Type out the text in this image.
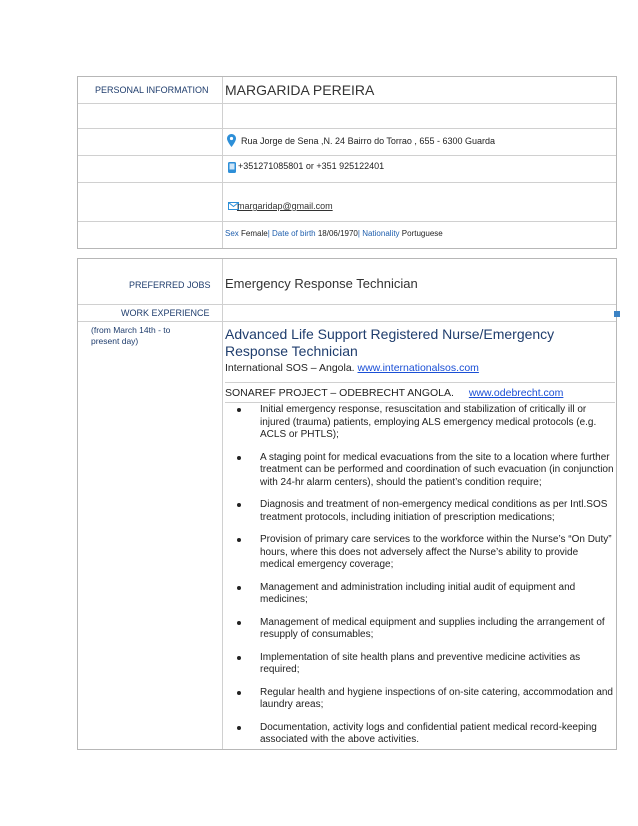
PERSONAL INFORMATION MARGARIDA PEREIRA
Rua Jorge de Sena ,N. 24 Bairro do Torrao , 655 - 6300 Guarda
+351271085801 or +351 925122401
margaridap@gmail.com
Sex Female| Date of birth 18/06/1970| Nationality Portuguese
PREFERRED JOBS Emergency Response Technician
WORK EXPERIENCE
(from March 14th - to present day)	Advanced Life Support Registered Nurse/Emergency Response Technician
International SOS – Angola. www.internationalsos.com
SONAREF PROJECT – ODEBRECHT ANGOLA. www.odebrecht.com
Initial emergency response, resuscitation and stabilization of critically ill or injured (trauma) patients, employing ALS emergency medical protocols (e.g. ACLS or PHTLS);
A staging point for medical evacuations from the site to a location where further treatment can be performed and coordination of such evacuation (in conjunction with 24-hr alarm centers), should the patient’s condition require;
Diagnosis and treatment of non-emergency medical conditions as per Intl.SOS treatment protocols, including initiation of prescription medications;
Provision of primary care services to the workforce within the Nurse’s “On Duty” hours, where this does not adversely affect the Nurse’s ability to provide medical emergency coverage;
Management and administration including initial audit of equipment and medicines;
Management of medical equipment and supplies including the arrangement of resupply of consumables;
Implementation of site health plans and preventive medicine activities as required;
Regular health and hygiene inspections of on-site catering, accommodation and laundry areas;
Documentation, activity logs and confidential patient medical record-keeping associated with the above activities.
